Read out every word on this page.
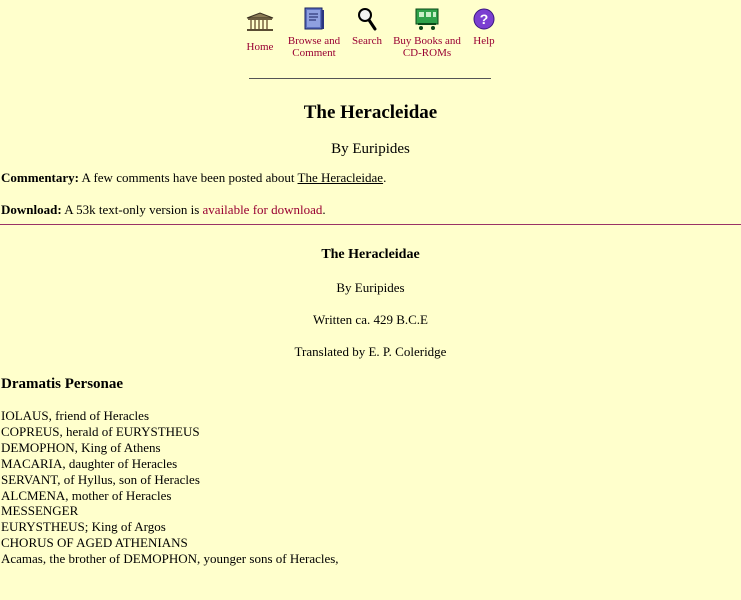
Home Browse and
Comment
Search Buy Books and
CD-ROMs
?
Help
The Heracleidae
By Euripides
Commentary: A few comments have been posted about The Heracleidae.
Download: A 53k text-only version is available for download.
The Heracleidae
By Euripides
Written ca. 429 B.C.E
Translated by E. P. Coleridge
Dramatis Personae
IOLAUS, friend of Heracles
COPREUS, herald of EURYSTHEUS
DEMOPHON, King of Athens
MACARIA, daughter of Heracles
SERVANT, of Hyllus, son of Heracles
ALCMENA, mother of Heracles
MESSENGER
EURYSTHEUS; King of Argos
CHORUS OF AGED ATHENIANS
Acamas, the brother of DEMOPHON, younger sons of Heracles,
